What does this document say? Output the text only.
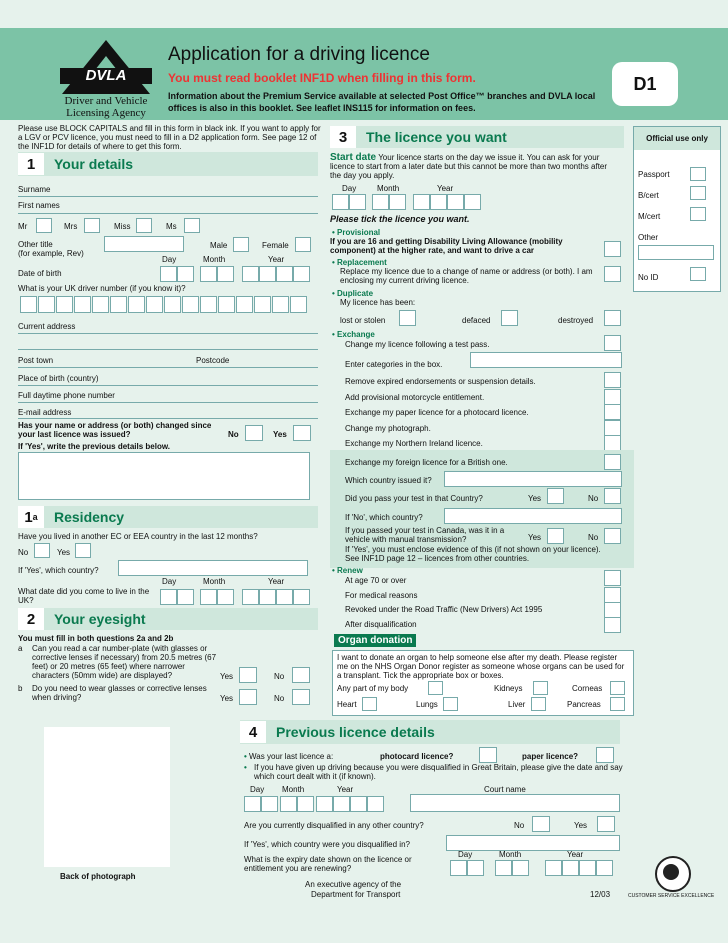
DVLA
Driver and Vehicle
Licensing Agency
Application for a driving licence
You must read booklet INF1D when filling in this form.
Information about the Premium Service available at selected Post Office™ branches and DVLA local offices is also in this booklet. See leaflet INS115 for information on fees.
D1
Please use BLOCK CAPITALS and fill in this form in black ink. If you want to apply for a LGV or PCV licence, you must need to fill in a D2 application form. See page 12 of the INF1D for details of where to get this form.
1	Your details
Surname
First names
Mr	Mrs	Miss	Ms
Other title
(for example, Rev)
Male	Female
Day	Month	Year
Date of birth
What is your UK driver number (if you know it)?
Current address
Post town	Postcode
Place of birth (country)
Full daytime phone number
E-mail address
Has your name or address (or both) changed since your last licence was issued?	No	Yes
If 'Yes', write the previous details below.
1 a Residency
Have you lived in another EC or EEA country in the last 12 months?
No	Yes
If 'Yes', which country?
Day	Month	Year
What date did you come to live in the UK?
2	Your eyesight
You must fill in both questions 2a and 2b
a Can you read a car number-plate (with glasses or corrective lenses if necessary) from 20.5 metres (67 feet) or 20 metres (65 feet) where narrower characters (50mm wide) are displayed?	Yes	No
b Do you need to wear glasses or corrective lenses when driving?	Yes	No
3	The licence you want
Start date Your licence starts on the day we issue it. You can ask for your licence to start from a later date but this cannot be more than two months after the day you apply.
Day	Month	Year
Please tick the licence you want.
• Provisional
If you are 16 and getting Disability Living Allowance (mobility component) at the higher rate, and want to drive a car
• Replacement
Replace my licence due to a change of name or address (or both). I am enclosing my current driving licence.
• Duplicate
My licence has been:
lost or stolen	defaced	destroyed
• Exchange
Change my licence following a test pass.
Enter categories in the box.
Remove expired endorsements or suspension details.
Add provisional motorcycle entitlement.
Exchange my paper licence for a photocard licence.
Change my photograph.
Exchange my Northern Ireland licence.
Exchange my foreign licence for a British one.
Which country issued it?
Did you pass your test in that Country?	Yes	No
If 'No', which country?
If you passed your test in Canada, was it in a vehicle with manual transmission?	Yes	No
If 'Yes', you must enclose evidence of this (if not shown on your licence). See INF1D page 12 – licences from other countries.
• Renew
At age 70 or over
For medical reasons
Revoked under the Road Traffic (New Drivers) Act 1995
After disqualification
Organ donation
I want to donate an organ to help someone else after my death. Please register me on the NHS Organ Donor register as someone whose organs can be used for a transplant. Tick the appropriate box or boxes.
Any part of my body	Kidneys	Corneas
Heart	Lungs	Liver	Pancreas
Official use only
Passport
B/cert
M/cert
Other
No ID
Back of photograph
4	Previous licence details
• Was your last licence a:	photocard licence?	paper licence?
If you have given up driving because you were disqualified in Great Britain, please give the date and say which court dealt with it (if known).
•
Day Month	Year	Court name
Are you currently disqualified in any other country?	No	Yes
If 'Yes', which country were you disqualified in?
Day	Month	Year
What is the expiry date shown on the licence or entitlement you are renewing?
An executive agency of the
Department for Transport	12/03	CUSTOMER SERVICE EXCELLENCE
